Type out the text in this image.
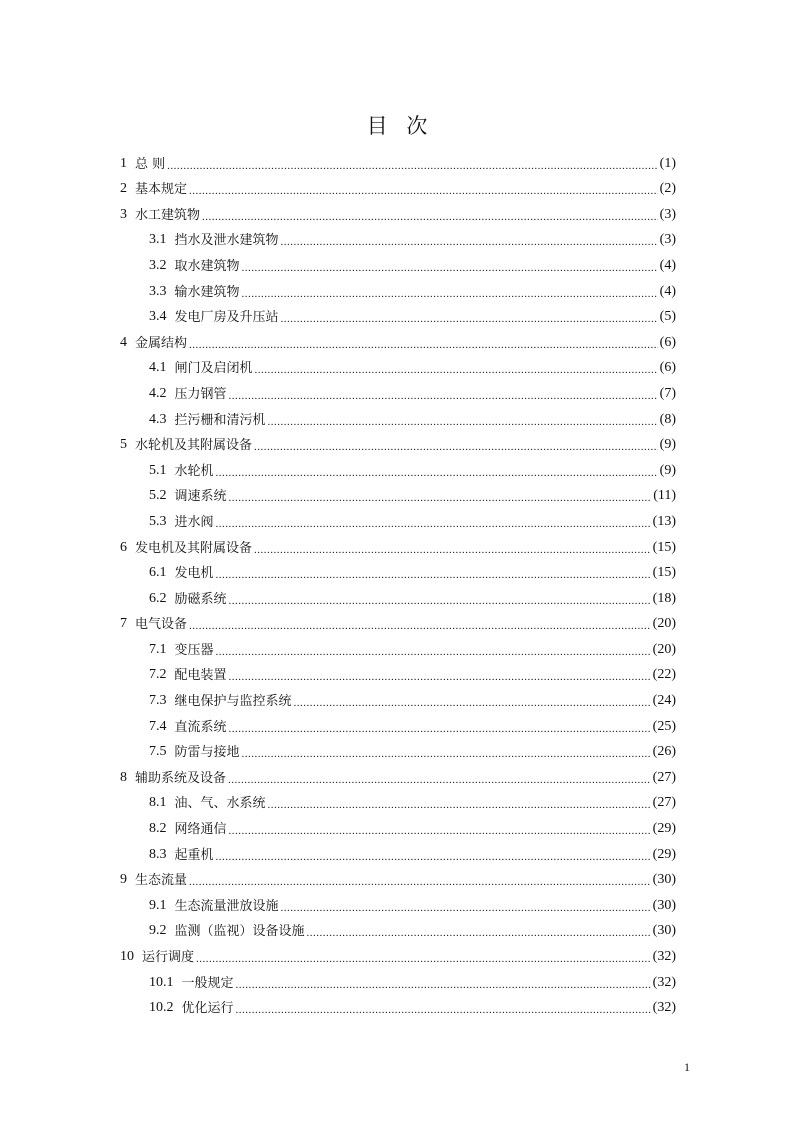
目 次
1 总 则 .....	(1)
2 基本规定 .....	(2)
3 水工建筑物 .....	(3)
3.1 挡水及泄水建筑物 .....	(3)
3.2 取水建筑物 .....	(4)
3.3 输水建筑物 .....	(4)
3.4 发电厂房及升压站 .....	(5)
4 金属结构 .....	(6)
4.1 闸门及启闭机 .....	(6)
4.2 压力钢管 .....	(7)
4.3 拦污栅和清污机 .....	(8)
5 水轮机及其附属设备 .....	(9)
5.1 水轮机 .....	(9)
5.2 调速系统 .....	(11)
5.3 进水阀 .....	(13)
6 发电机及其附属设备 .....	(15)
6.1 发电机 .....	(15)
6.2 励磁系统 .....	(18)
7 电气设备 .....	(20)
7.1 变压器 .....	(20)
7.2 配电装置 .....	(22)
7.3 继电保护与监控系统 .....	(24)
7.4 直流系统 .....	(25)
7.5 防雷与接地 .....	(26)
8 辅助系统及设备 .....	(27)
8.1 油、气、水系统 .....	(27)
8.2 网络通信 .....	(29)
8.3 起重机 .....	(29)
9 生态流量 .....	(30)
9.1 生态流量泄放设施 .....	(30)
9.2 监测（监视）设备设施 .....	(30)
10 运行调度 .....	(32)
10.1 一般规定 .....	(32)
10.2 优化运行 .....	(32)
1
